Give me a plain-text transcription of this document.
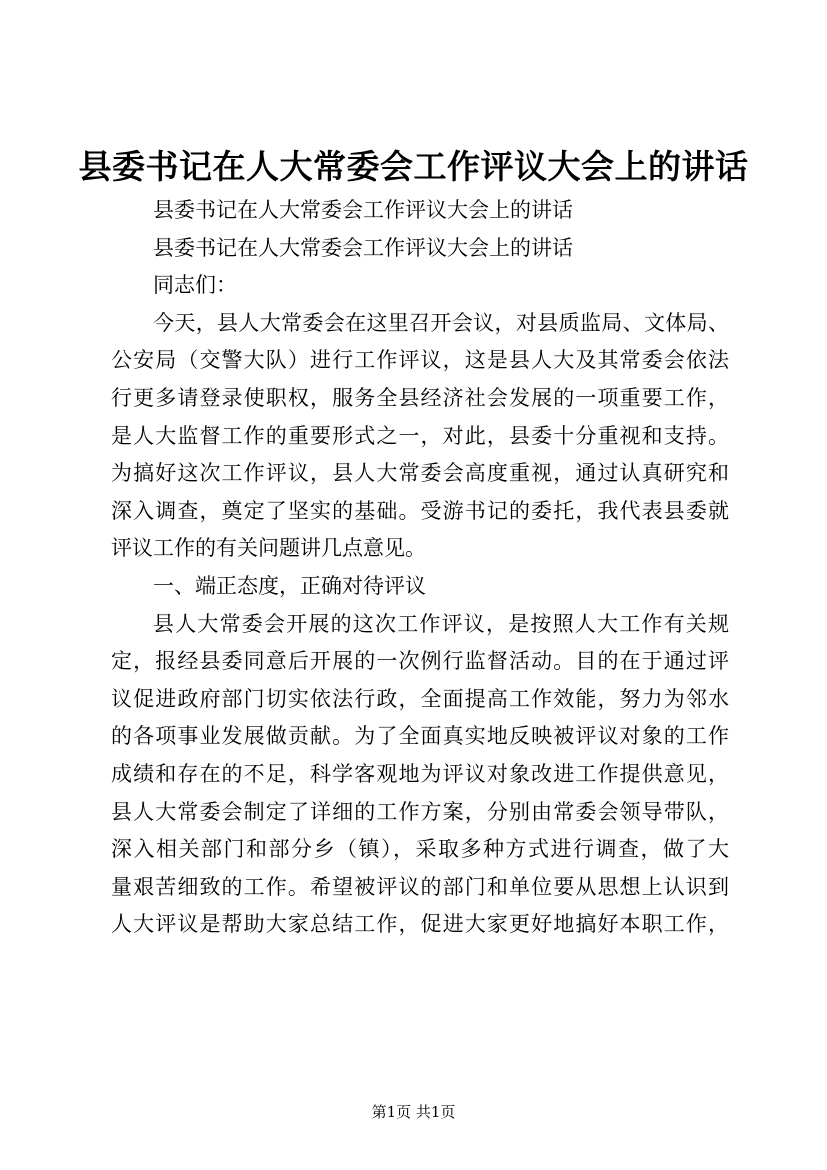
县委书记在人大常委会工作评议大会上的讲话
县委书记在人大常委会工作评议大会上的讲话
县委书记在人大常委会工作评议大会上的讲话
同志们：
今天，县人大常委会在这里召开会议，对县质监局、文体局、
公安局（交警大队）进行工作评议，这是县人大及其常委会依法
行更多请登录使职权，服务全县经济社会发展的一项重要工作，
是人大监督工作的重要形式之一，对此，县委十分重视和支持。
为搞好这次工作评议，县人大常委会高度重视，通过认真研究和
深入调查，奠定了坚实的基础。受游书记的委托，我代表县委就
评议工作的有关问题讲几点意见。
一、端正态度，正确对待评议
县人大常委会开展的这次工作评议，是按照人大工作有关规
定，报经县委同意后开展的一次例行监督活动。目的在于通过评
议促进政府部门切实依法行政，全面提高工作效能，努力为邻水
的各项事业发展做贡献。为了全面真实地反映被评议对象的工作
成绩和存在的不足，科学客观地为评议对象改进工作提供意见，
县人大常委会制定了详细的工作方案，分别由常委会领导带队，
深入相关部门和部分乡（镇），采取多种方式进行调查，做了大
量艰苦细致的工作。希望被评议的部门和单位要从思想上认识到
人大评议是帮助大家总结工作，促进大家更好地搞好本职工作，
第1页 共1页
